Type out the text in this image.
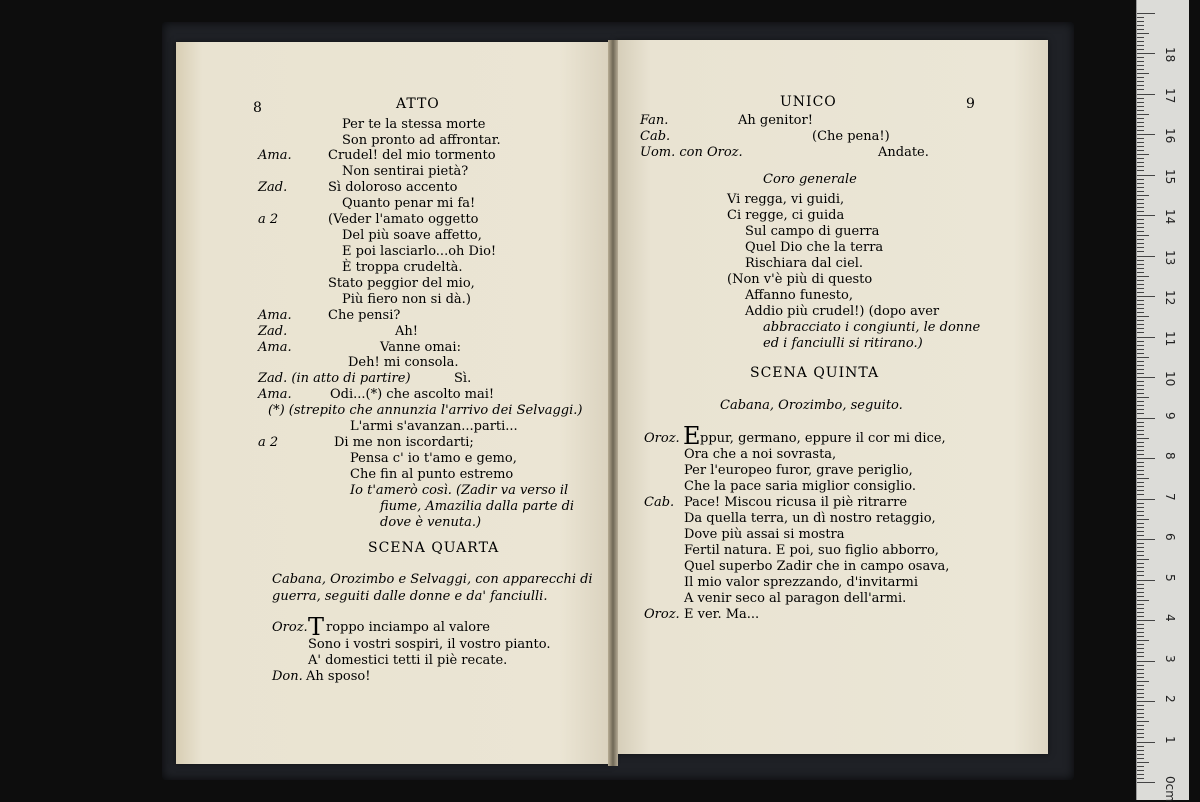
8	ATTO
Per te la stessa morte
Son pronto ad affrontar.
Ama.	Crudel! del mio tormento
Non sentirai pietà?
Zad.	Sì doloroso accento
Quanto penar mi fa!
a 2	(Veder l'amato oggetto
Del più soave affetto,
E poi lasciarlo...oh Dio!
È troppa crudeltà.
Stato peggior del mio,
Più fiero non si dà.)
Ama.	Che pensi?
Zad.	Ah!
Ama.	Vanne omai:
Deh! mi consola.
Zad. (in atto di partire)	Sì.
Ama.	Odi...(*) che ascolto mai!
(*) (strepito che annunzia l'arrivo dei Selvaggi.)
L'armi s'avanzan...parti...
a 2	Di me non iscordarti;
Pensa c' io t'amo e gemo,
Che fin al punto estremo
Io t'amerò così. (Zadir va verso il
fiume, Amazilia dalla parte di
dove è venuta.)
SCENA QUARTA
Cabana, Orozimbo e Selvaggi, con apparecchi di
guerra, seguiti dalle donne e da' fanciulli.
Oroz. T roppo inciampo al valore
Sono i vostri sospiri, il vostro pianto.
A' domestici tetti il piè recate.
Don. Ah sposo!
UNICO	9
Fan.	Ah genitor!
Cab.	(Che pena!)
Uom. con Oroz.	Andate.
Coro generale
Vi regga, vi guidi,
Ci regge, ci guida
Sul campo di guerra
Quel Dio che la terra
Rischiara dal ciel.
(Non v'è più di questo
Affanno funesto,
Addio più crudel!) (dopo aver
abbracciato i congiunti, le donne
ed i fanciulli si ritirano.)
SCENA QUINTA
Cabana, Orozimbo, seguito.
Oroz. E ppur, germano, eppure il cor mi dice,
Ora che a noi sovrasta,
Per l'europeo furor, grave periglio,
Che la pace saria miglior consiglio.
Cab. Pace! Miscou ricusa il piè ritrarre
Da quella terra, un dì nostro retaggio,
Dove più assai si mostra
Fertil natura. E poi, suo figlio abborro,
Quel superbo Zadir che in campo osava,
Il mio valor sprezzando, d'invitarmi
A venir seco al paragon dell'armi.
Oroz. E ver. Ma...
0cm
1
2
3
4
5
6
7
8
9
10
11
12
13
14
15
16
17
18
